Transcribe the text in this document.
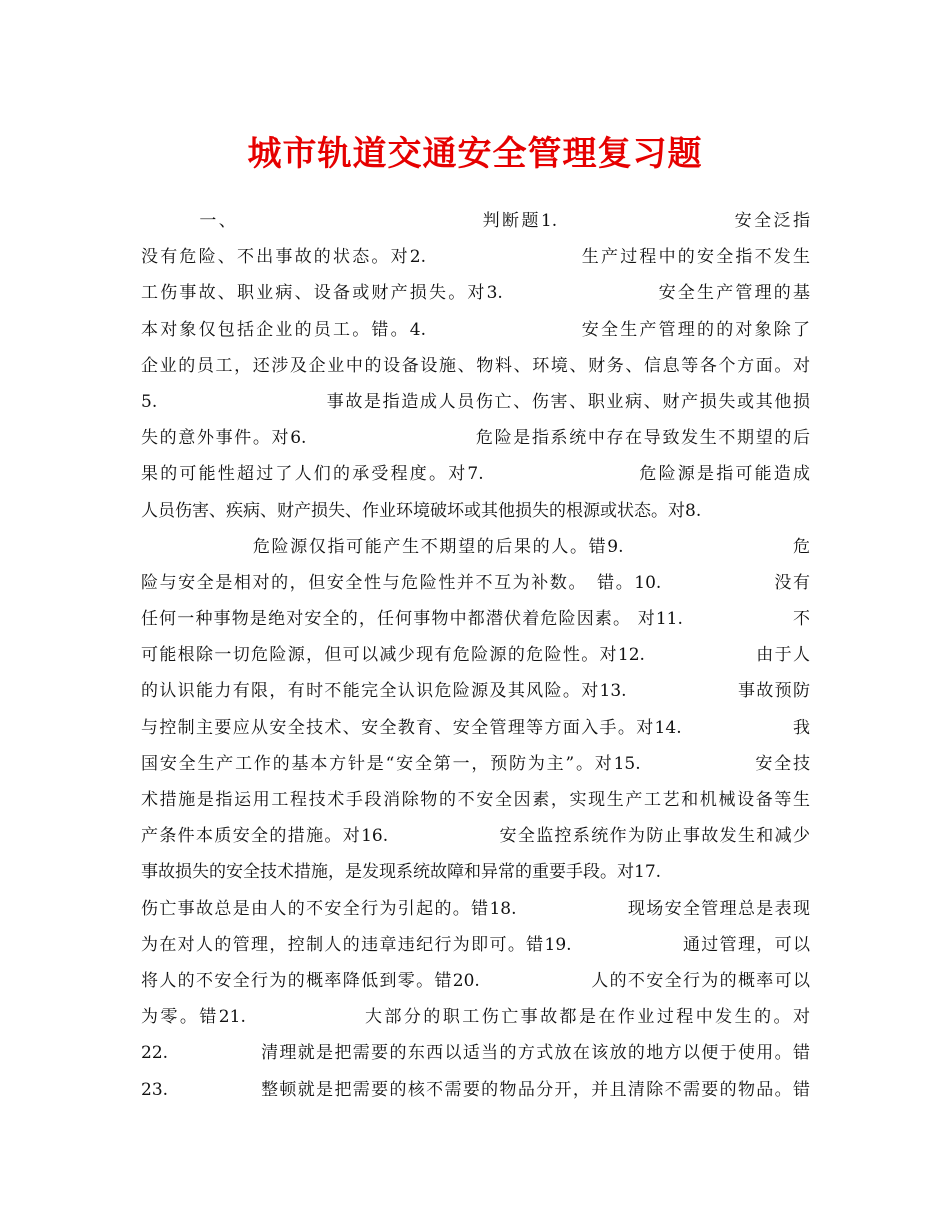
城市轨道交通安全管理复习题
　　　一、　　　　　　　　　　　　　判断题1.　　　　　　　　　安全泛指
没有危险、不出事故的状态。对2.　　　　　　　　生产过程中的安全指不发生
工伤事故、职业病、设备或财产损失。对3.　　　　　　　　安全生产管理的基
本对象仅包括企业的员工。错。4.　　　　　　　　安全生产管理的的对象除了
企业的员工，还涉及企业中的设备设施、物料、环境、财务、信息等各个方面。对
5.　　　　　　　　　事故是指造成人员伤亡、伤害、职业病、财产损失或其他损
失的意外事件。对6.　　　　　　　　　危险是指系统中存在导致发生不期望的后
果的可能性超过了人们的承受程度。对7.　　　　　　　　危险源是指可能造成
人员伤害、疾病、财产损失、作业环境破坏或其他损失的根源或状态。对8.
　　　　　　危险源仅指可能产生不期望的后果的人。错9.　　　　　　　　　危
险与安全是相对的，但安全性与危险性并不互为补数。　错。10.　　　　　　没有
任何一种事物是绝对安全的，任何事物中都潜伏着危险因素。 对11.　　　　　　不
可能根除一切危险源，但可以减少现有危险源的危险性。对12.　　　　　　由于人
的认识能力有限，有时不能完全认识危险源及其风险。对13.　　　　　　事故预防
与控制主要应从安全技术、安全教育、安全管理等方面入手。对14.　　　　　　我
国安全生产工作的基本方针是“安全第一，预防为主”。对15.　　　　　　安全技
术措施是指运用工程技术手段消除物的不安全因素，实现生产工艺和机械设备等生
产条件本质安全的措施。对16.　　　　　　安全监控系统作为防止事故发生和减少
事故损失的安全技术措施，是发现系统故障和异常的重要手段。对17.
伤亡事故总是由人的不安全行为引起的。错18.　　　　　　现场安全管理总是表现
为在对人的管理，控制人的违章违纪行为即可。错19.　　　　　　通过管理，可以
将人的不安全行为的概率降低到零。错20.　　　　　　人的不安全行为的概率可以
为零。错21.　　　　　　大部分的职工伤亡事故都是在作业过程中发生的。对
22.　　　　　清理就是把需要的东西以适当的方式放在该放的地方以便于使用。错
23.　　　　　整顿就是把需要的核不需要的物品分开，并且清除不需要的物品。错
